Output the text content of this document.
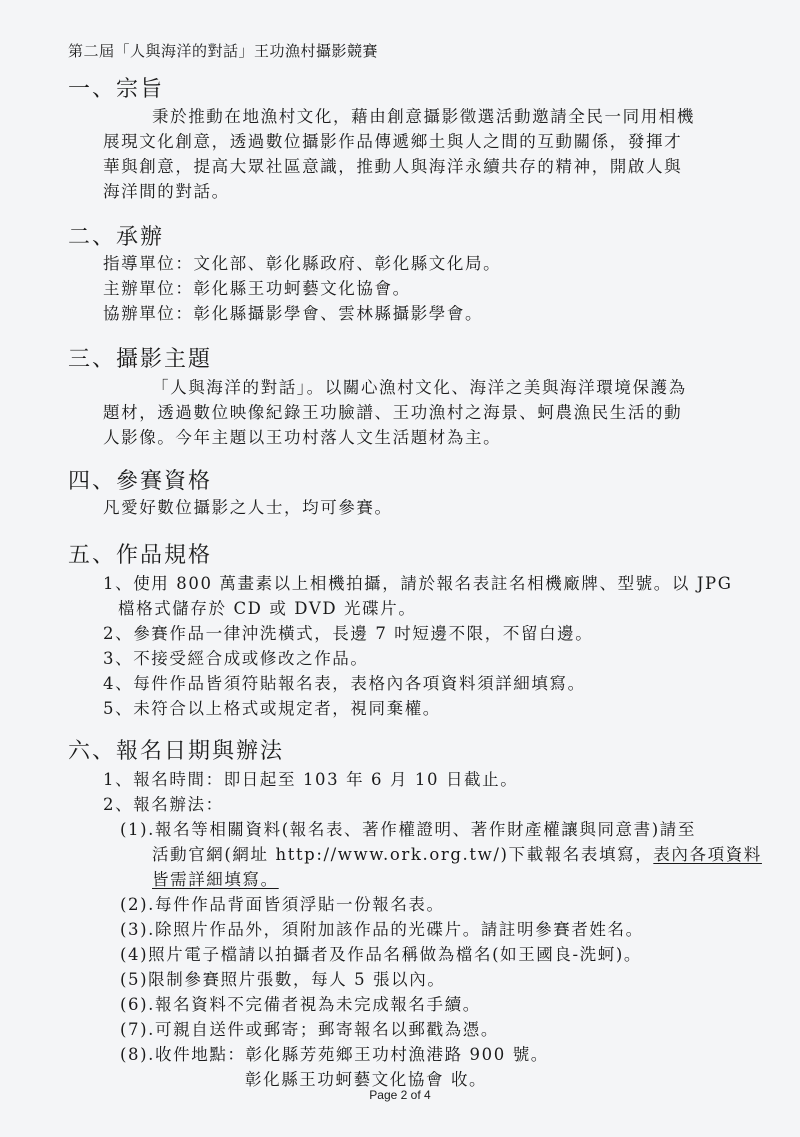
第二屆「人與海洋的對話」王功漁村攝影競賽
一、宗旨
秉於推動在地漁村文化，藉由創意攝影徵選活動邀請全民一同用相機
展現文化創意，透過數位攝影作品傳遞鄉土與人之間的互動關係，發揮才
華與創意，提高大眾社區意識，推動人與海洋永續共存的精神，開啟人與
海洋間的對話。
二、承辦
指導單位：文化部、彰化縣政府、彰化縣文化局。
主辦單位：彰化縣王功蚵藝文化協會。
協辦單位：彰化縣攝影學會、雲林縣攝影學會。
三、攝影主題
「人與海洋的對話」。以關心漁村文化、海洋之美與海洋環境保護為
題材，透過數位映像紀錄王功臉譜、王功漁村之海景、蚵農漁民生活的動
人影像。今年主題以王功村落人文生活題材為主。
四、參賽資格
凡愛好數位攝影之人士，均可參賽。
五、作品規格
1、使用 800 萬畫素以上相機拍攝，請於報名表註名相機廠牌、型號。以 JPG
檔格式儲存於 CD 或 DVD 光碟片。
2、參賽作品一律沖洗橫式，長邊 7 吋短邊不限，不留白邊。
3、不接受經合成或修改之作品。
4、每件作品皆須符貼報名表，表格內各項資料須詳細填寫。
5、未符合以上格式或規定者，視同棄權。
六、報名日期與辦法
1、報名時間：即日起至 103 年 6 月 10 日截止。
2、報名辦法：
(1).報名等相關資料(報名表、著作權證明、著作財產權讓與同意書)請至
活動官網(網址 http://www.ork.org.tw/)下載報名表填寫，表內各項資料
皆需詳細填寫。
(2).每件作品背面皆須浮貼一份報名表。
(3).除照片作品外，須附加該作品的光碟片。請註明參賽者姓名。
(4)照片電子檔請以拍攝者及作品名稱做為檔名(如王國良-洗蚵)。
(5)限制參賽照片張數，每人 5 張以內。
(6).報名資料不完備者視為未完成報名手續。
(7).可親自送件或郵寄；郵寄報名以郵戳為憑。
(8).收件地點：彰化縣芳苑鄉王功村漁港路 900 號。
彰化縣王功蚵藝文化協會 收。
Page 2 of 4
